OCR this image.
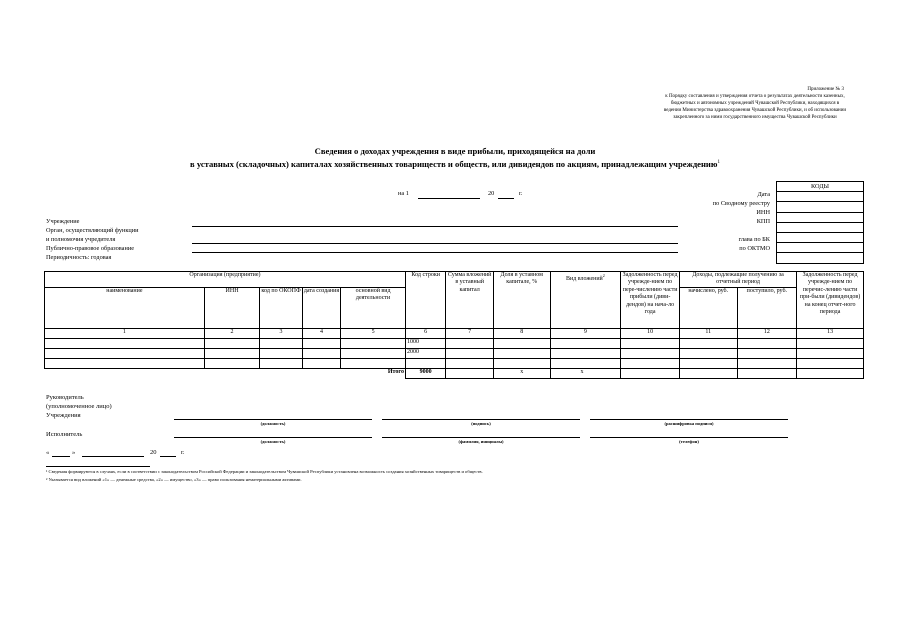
Приложение № 3
к Порядку составления и утверждения отчета о результатах деятельности казенных,
бюджетных и автономных учреждений Чувашской Республики, находящихся в
ведении Министерства здравоохранения Чувашской Республики, и об использовании
закрепленного за ними государственного имущества Чувашской Республики
Сведения о доходах учреждения в виде прибыли, приходящейся на доли
в уставных (складочных) капиталах хозяйственных товариществ и обществ, или дивидендов по акциям, принадлежащим учреждению$^1$
на 1	20	г.	Дата
по Сводному реестру
ИНН
КПП
глава по БК
по ОКТМО
КОДЫ

Учреждение
Орган, осуществляющий функции
и полномочия учредителя
Публично-правовое образование
Периодичность: годовая
Организация (предприятие)					Код строки	Сумма вложений в уставный капитал	Доля в уставном капитале, %	Вид вложений$^2$	Задолженность перед учрежде-нием по пере-числению части прибыли (диви-дендов) на нача-ло года	Доходы, подлежащие получению за отчетный период		Задолженность перед учрежде-нием по перечис-лению части при-были (дивидендов) на конец отчет-ного периода
наименование	ИНН	код по ОКОПФ	дата создания	основной вид деятельности						начислено, руб.	поступило, руб.	
1	2	3	4	5	6	7	8	9	10	11	12	13
					1000							
					2000							

Итого					9000		x	x				
Руководитель
(уполномоченное лицо)
Учреждения
(должность)	(подпись)	(расшифровка подписи)
Исполнитель
(должность)	(фамилия, инициалы)	(телефон)
«	»	20	г.
¹ Сведения формируются в случаях, если в соответствии с законодательством Российской Федерации и законодательством Чувашской Республики установлена возможность создания хозяйственных товариществ и обществ.
² Указывается вид вложений «1» — денежные средства, «2» — имущество, «3» — право пользования нематериальными активами.
